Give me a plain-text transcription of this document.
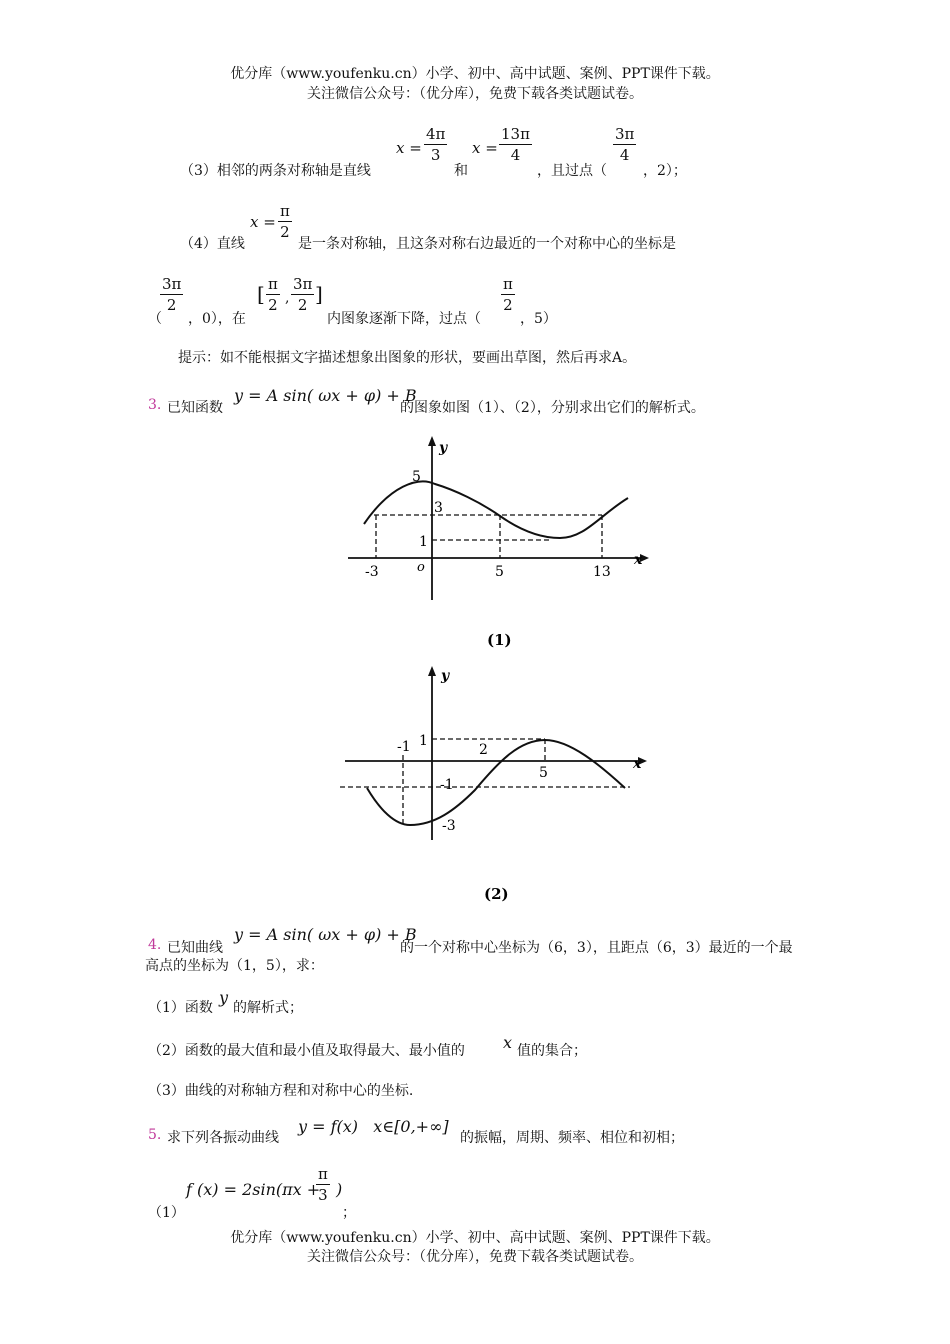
优分库（www.youfenku.cn）小学、初中、高中试题、案例、PPT课件下载。
关注微信公众号：（优分库），免费下载各类试题试卷。
（3）相邻的两条对称轴是直线
$x = \frac{4\pi}{3}$
和
$x = \frac{13\pi}{4}$
，且过点（
$\frac{3\pi}{4}$
，2）；
（4）直线
$x = \frac{\pi}{2}$
是一条对称轴，且这条对称右边最近的一个对称中心的坐标是
（
$\frac{3\pi}{2}$
，0），在
[ $\frac{\pi}{2}$ , $\frac{3\pi}{2}$ ]
内图象逐渐下降，过点（
$\frac{\pi}{2}$
，5）
提示：如不能根据文字描述想象出图象的形状，要画出草图，然后再求A。
3. 已知函数
y = A sin( ωx + φ) + B
的图象如图（1）、（2），分别求出它们的解析式。
y
x
o
5
3
1
-3	5	13
(1)
y
x
1
-1
-3
-1	2
5
(2)
4. 已知曲线
y = A sin( ωx + φ) + B
的一个对称中心坐标为（6，3），且距点（6，3）最近的一个最
高点的坐标为（1，5），求：
（1）函数
y
的解析式；
（2）函数的最大值和最小值及取得最大、最小值的 x 值的集合；
（3）曲线的对称轴方程和对称中心的坐标.
5. 求下列各振动曲线
y = f(x)   x∈[0,+∞]
的振幅，周期、频率、相位和初相；
（1）
f (x) = 2sin(πx +
$\frac{\pi}{3}$ )
；
优分库（www.youfenku.cn）小学、初中、高中试题、案例、PPT课件下载。
关注微信公众号：（优分库），免费下载各类试题试卷。
